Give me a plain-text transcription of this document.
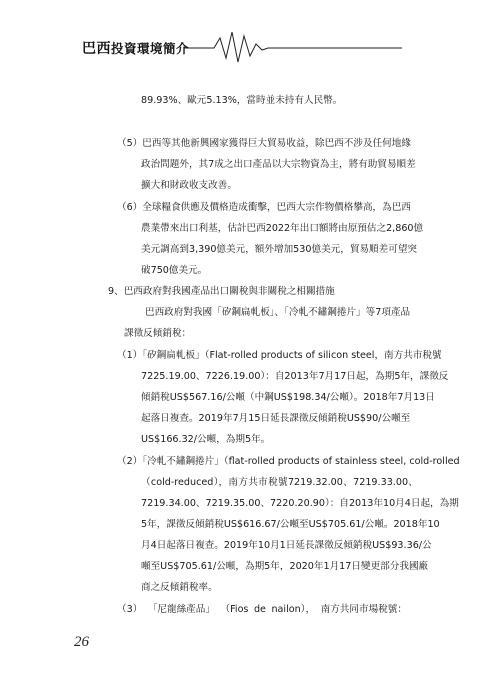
巴西投資環境簡介
89.93%、歐元5.13%，當時並未持有人民幣。
（5） 巴西等其他新興國家獲得巨大貿易收益，除巴西不涉及任何地緣
政治問題外，其7成之出口產品以大宗物資為主，將有助貿易順差
擴大和財政收支改善。
（6） 全球糧食供應及價格造成衝擊，巴西大宗作物價格攀高，為巴西
農業帶來出口利基，估計巴西2022年出口額將由原預估之2,860億
美元調高到3,390億美元，額外增加530億美元，貿易順差可望突
破750億美元。
9、巴西政府對我國產品出口關稅與非關稅之相關措施
巴西政府對我國「矽鋼扁軋板」、「冷軋不鏽鋼捲片」等7項產品
課徵反傾銷稅：
（1）「矽鋼扁軋板」（Flat-rolled products of silicon steel，南方共市稅號
7225.19.00、7226.19.00）：自2013年7月17日起，為期5年，課徵反
傾銷稅US$567.16/公噸（中鋼US$198.34/公噸）。2018年7月13日
起落日複查。2019年7月15日延長課徵反傾銷稅US$90/公噸至
US$166.32/公噸，為期5年。
（2）「冷軋不鏽鋼捲片」（flat-rolled products of stainless steel, cold-rolled
（ cold-reduced ）， 南 方 共 市 稅 號 7219.32.00 、 7219.33.00 、
7219.34.00、7219.35.00、7220.20.90）：自2013年10月4日起，為期
5年，課徵反傾銷稅US$616.67/公噸至US$705.61/公噸。2018年10
月4日起落日複查。2019年10月1日延長課徵反傾銷稅US$93.36/公
噸至US$705.61/公噸，為期5年，2020年1月17日變更部分我國廠
商之反傾銷稅率。
（3） 「尼龍絲產品」 （Fios de nailon）， 南方共同市場稅號：
26
